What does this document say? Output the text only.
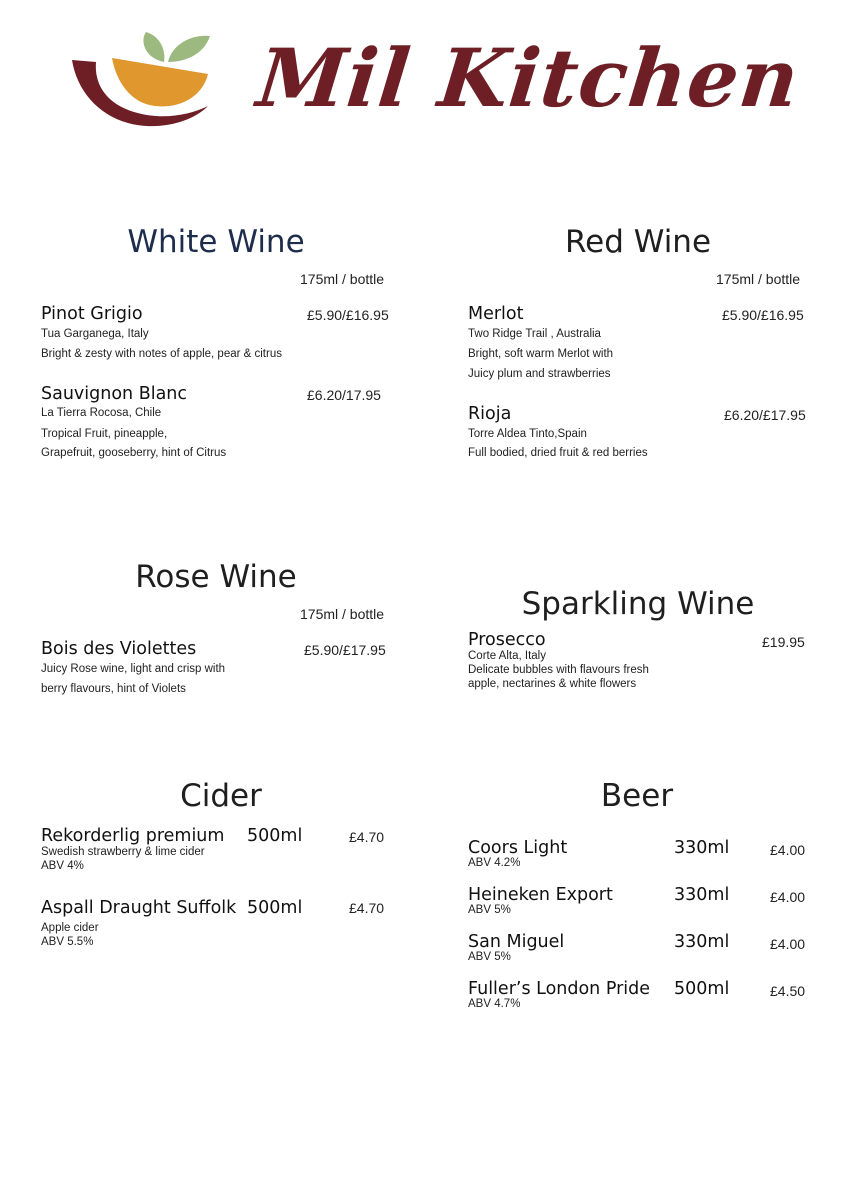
Mil Kitchen
White Wine
175ml / bottle
Pinot Grigio	£5.90/£16.95
Tua Garganega, Italy
Bright & zesty with notes of apple, pear & citrus
Sauvignon Blanc	£6.20/17.95
La Tierra Rocosa, Chile
Tropical Fruit, pineapple,
Grapefruit, gooseberry, hint of Citrus
Red Wine
175ml / bottle
Merlot	£5.90/£16.95
Two Ridge Trail , Australia
Bright, soft warm Merlot with
Juicy plum and strawberries
Rioja	£6.20/£17.95
Torre Aldea Tinto,Spain
Full bodied, dried fruit & red berries
Rose Wine
175ml / bottle
Bois des Violettes	£5.90/£17.95
Juicy Rose wine, light and crisp with
berry flavours, hint of Violets
Sparkling Wine
Prosecco	£19.95
Corte Alta, Italy
Delicate bubbles with flavours fresh
apple, nectarines & white flowers
Cider
Rekorderlig premium 500ml	£4.70
Swedish strawberry & lime cider
ABV 4%
Aspall Draught Suffolk 500ml	£4.70
Apple cider
ABV 5.5%
Beer
Coors Light	330ml	£4.00
ABV 4.2%
Heineken Export	330ml	£4.00
ABV 5%
San Miguel	330ml	£4.00
ABV 5%
Fuller’s London Pride 500ml	£4.50
ABV 4.7%
